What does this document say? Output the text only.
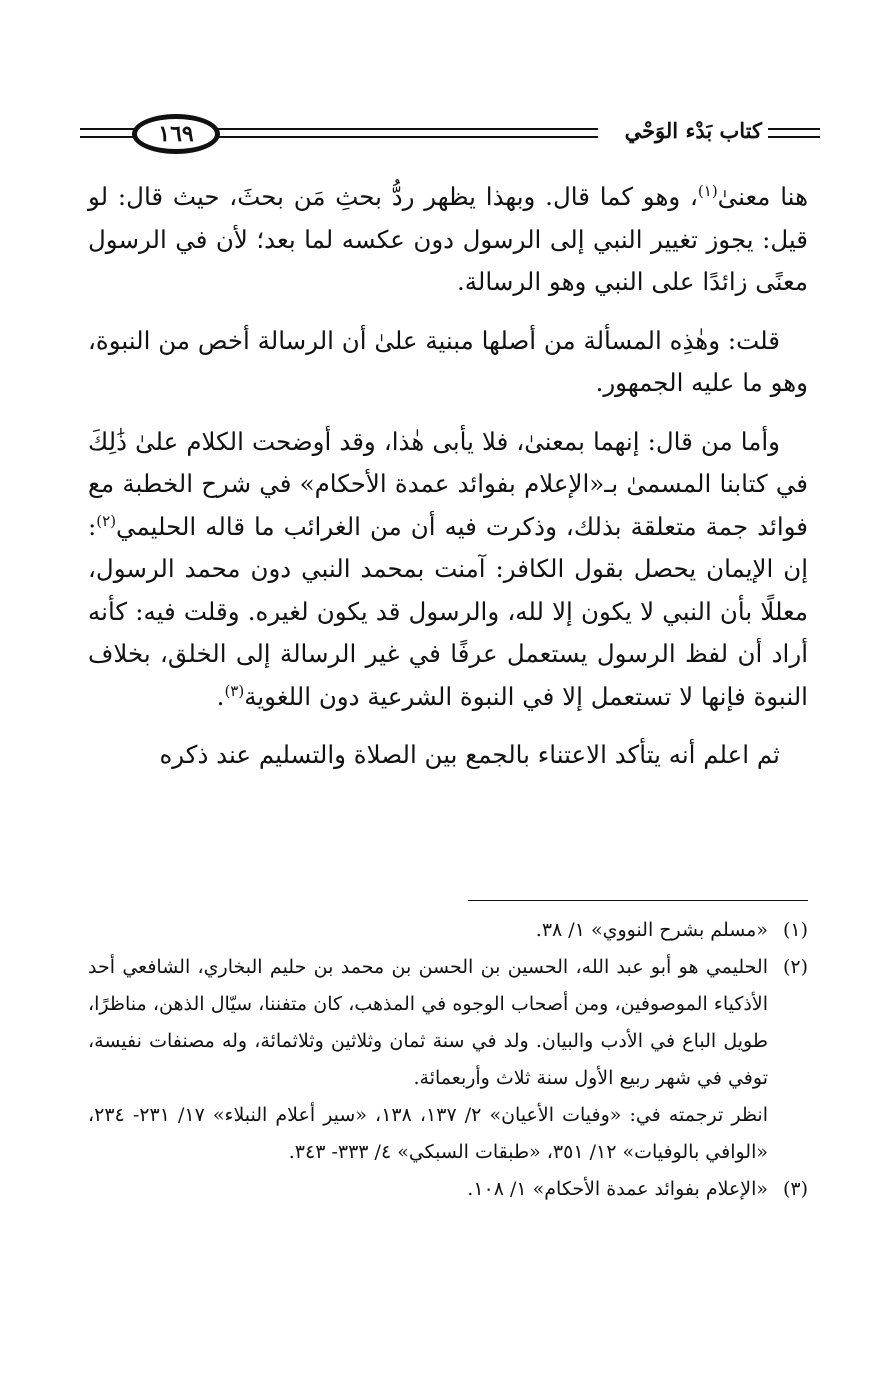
١٦٩	كتاب بَدْء الوَحْي

هنا معنىٰ$^{(١)}$، وهو كما قال. وبهذا يظهر ردُّ بحثِ مَن بحثَ، حيث قال: لو قيل: يجوز تغيير النبي إلى الرسول دون عكسه لما بعد؛ لأن في الرسول معنًى زائدًا على النبي وهو الرسالة.

قلت: وهٰذِه المسألة من أصلها مبنية علىٰ أن الرسالة أخص من النبوة، وهو ما عليه الجمهور.

وأما من قال: إنهما بمعنىٰ، فلا يأبى هٰذا، وقد أوضحت الكلام علىٰ ذَٰلِكَ في كتابنا المسمىٰ بـ«الإعلام بفوائد عمدة الأحكام» في شرح الخطبة مع فوائد جمة متعلقة بذلك، وذكرت فيه أن من الغرائب ما قاله الحليمي$^{(٢)}$: إن الإيمان يحصل بقول الكافر: آمنت بمحمد النبي دون محمد الرسول، معللًا بأن النبي لا يكون إلا لله، والرسول قد يكون لغيره. وقلت فيه: كأنه أراد أن لفظ الرسول يستعمل عرفًا في غير الرسالة إلى الخلق، بخلاف النبوة فإنها لا تستعمل إلا في النبوة الشرعية دون اللغوية$^{(٣)}$.

ثم اعلم أنه يتأكد الاعتناء بالجمع بين الصلاة والتسليم عند ذكره

(١)
«مسلم بشرح النووي» ١/ ٣٨.
(٢)
الحليمي هو أبو عبد الله، الحسين بن الحسن بن محمد بن حليم البخاري، الشافعي أحد الأذكياء الموصوفين، ومن أصحاب الوجوه في المذهب، كان متفننا، سيّال الذهن، مناظرًا، طويل الباع في الأدب والبيان. ولد في سنة ثمان وثلاثين وثلاثمائة، وله مصنفات نفيسة، توفي في شهر ربيع الأول سنة ثلاث وأربعمائة.
انظر ترجمته في: «وفيات الأعيان» ٢/ ١٣٧، ١٣٨، «سير أعلام النبلاء» ١٧/ ٢٣١- ٢٣٤، «الوافي بالوفيات» ١٢/ ٣٥١، «طبقات السبكي» ٤/ ٣٣٣- ٣٤٣.
(٣)
«الإعلام بفوائد عمدة الأحكام» ١/ ١٠٨.
